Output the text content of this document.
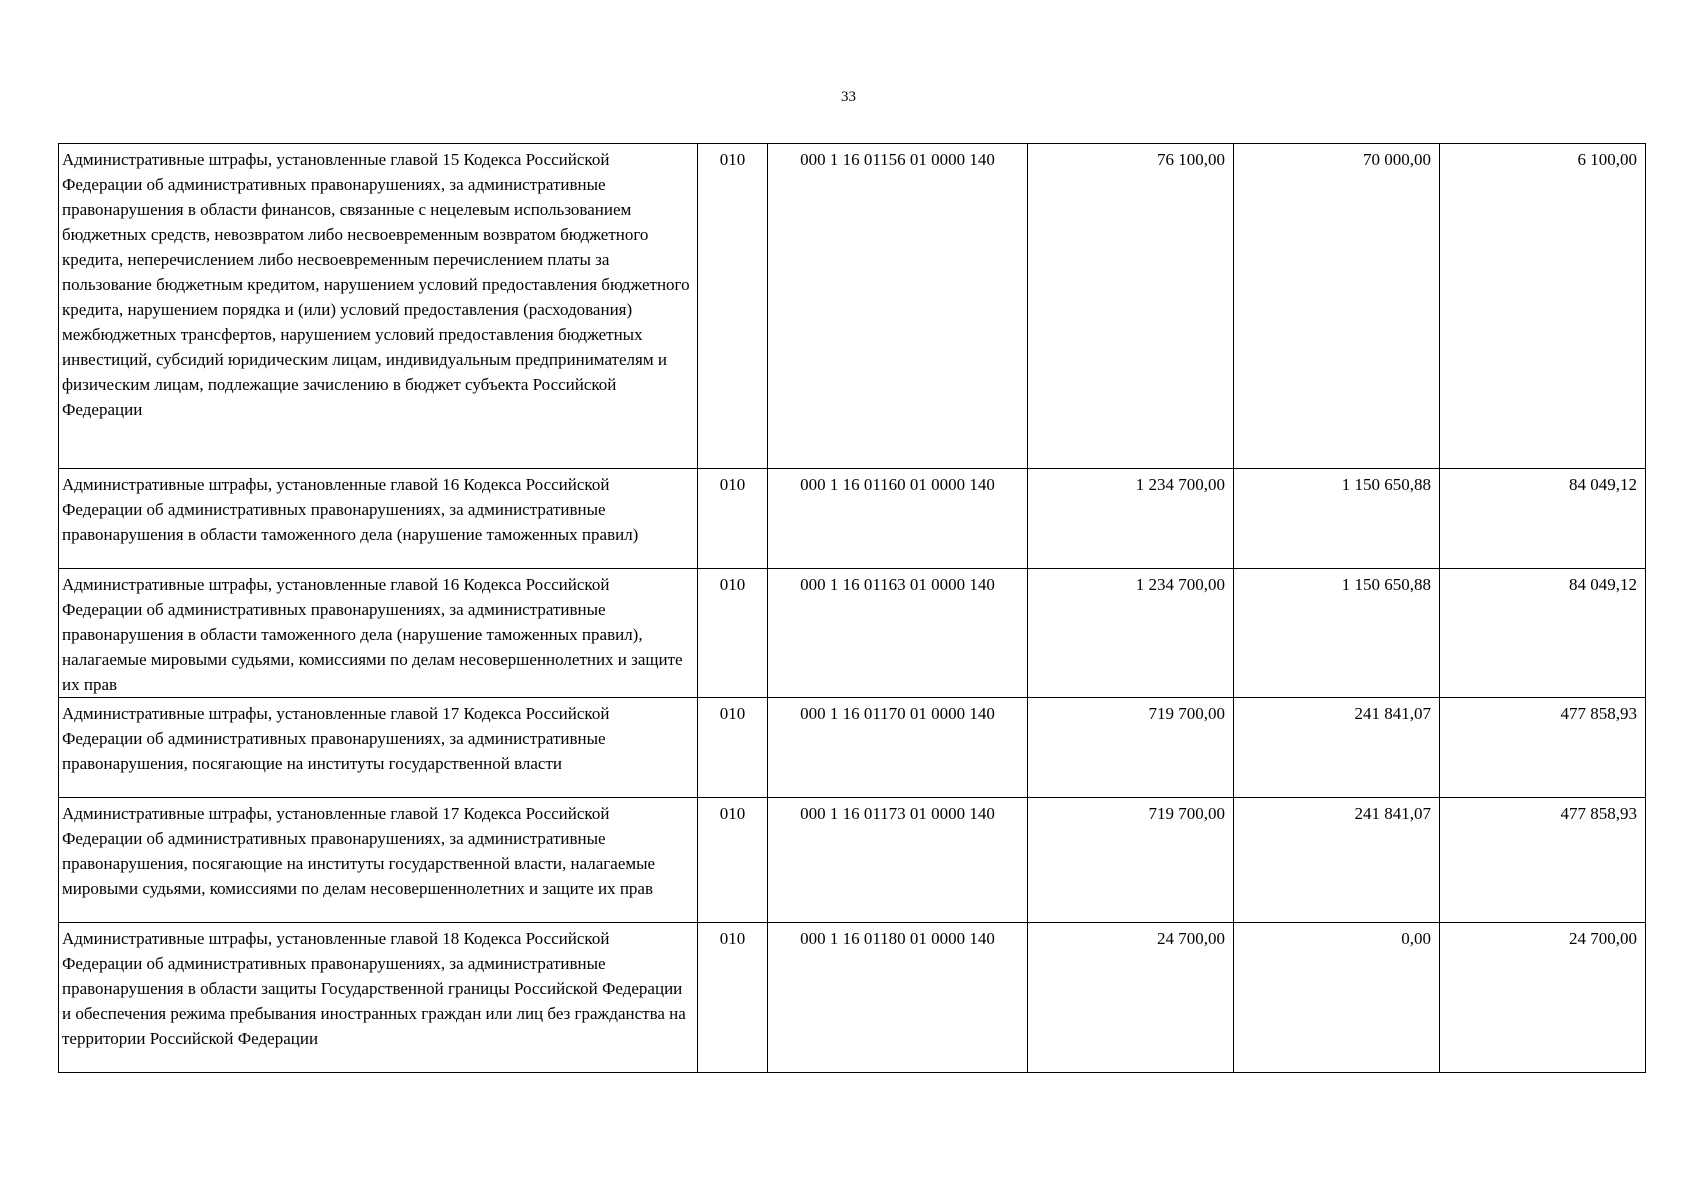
33
Административные штрафы, установленные главой 15 Кодекса Российской Федерации об административных правонарушениях, за административные правонарушения в области финансов, связанные с нецелевым использованием бюджетных средств, невозвратом либо несвоевременным возвратом бюджетного кредита, неперечислением либо несвоевременным перечислением платы за пользование бюджетным кредитом, нарушением условий предоставления бюджетного кредита, нарушением порядка и (или) условий предоставления (расходования) межбюджетных трансфертов, нарушением условий предоставления бюджетных инвестиций, субсидий юридическим лицам, индивидуальным предпринимателям и физическим лицам, подлежащие зачислению в бюджет субъекта Российской Федерации	010	000 1 16 01156 01 0000 140	76 100,00	70 000,00	6 100,00
Административные штрафы, установленные главой 16 Кодекса Российской Федерации об административных правонарушениях, за административные правонарушения в области таможенного дела (нарушение таможенных правил)	010	000 1 16 01160 01 0000 140	1 234 700,00	1 150 650,88	84 049,12
Административные штрафы, установленные главой 16 Кодекса Российской Федерации об административных правонарушениях, за административные правонарушения в области таможенного дела (нарушение таможенных правил), налагаемые мировыми судьями, комиссиями по делам несовершеннолетних и защите их прав	010	000 1 16 01163 01 0000 140	1 234 700,00	1 150 650,88	84 049,12
Административные штрафы, установленные главой 17 Кодекса Российской Федерации об административных правонарушениях, за административные правонарушения, посягающие на институты государственной власти	010	000 1 16 01170 01 0000 140	719 700,00	241 841,07	477 858,93
Административные штрафы, установленные главой 17 Кодекса Российской Федерации об административных правонарушениях, за административные правонарушения, посягающие на институты государственной власти, налагаемые мировыми судьями, комиссиями по делам несовершеннолетних и защите их прав	010	000 1 16 01173 01 0000 140	719 700,00	241 841,07	477 858,93
Административные штрафы, установленные главой 18 Кодекса Российской Федерации об административных правонарушениях, за административные правонарушения в области защиты Государственной границы Российской Федерации и обеспечения режима пребывания иностранных граждан или лиц без гражданства на территории Российской Федерации	010	000 1 16 01180 01 0000 140	24 700,00	0,00	24 700,00
